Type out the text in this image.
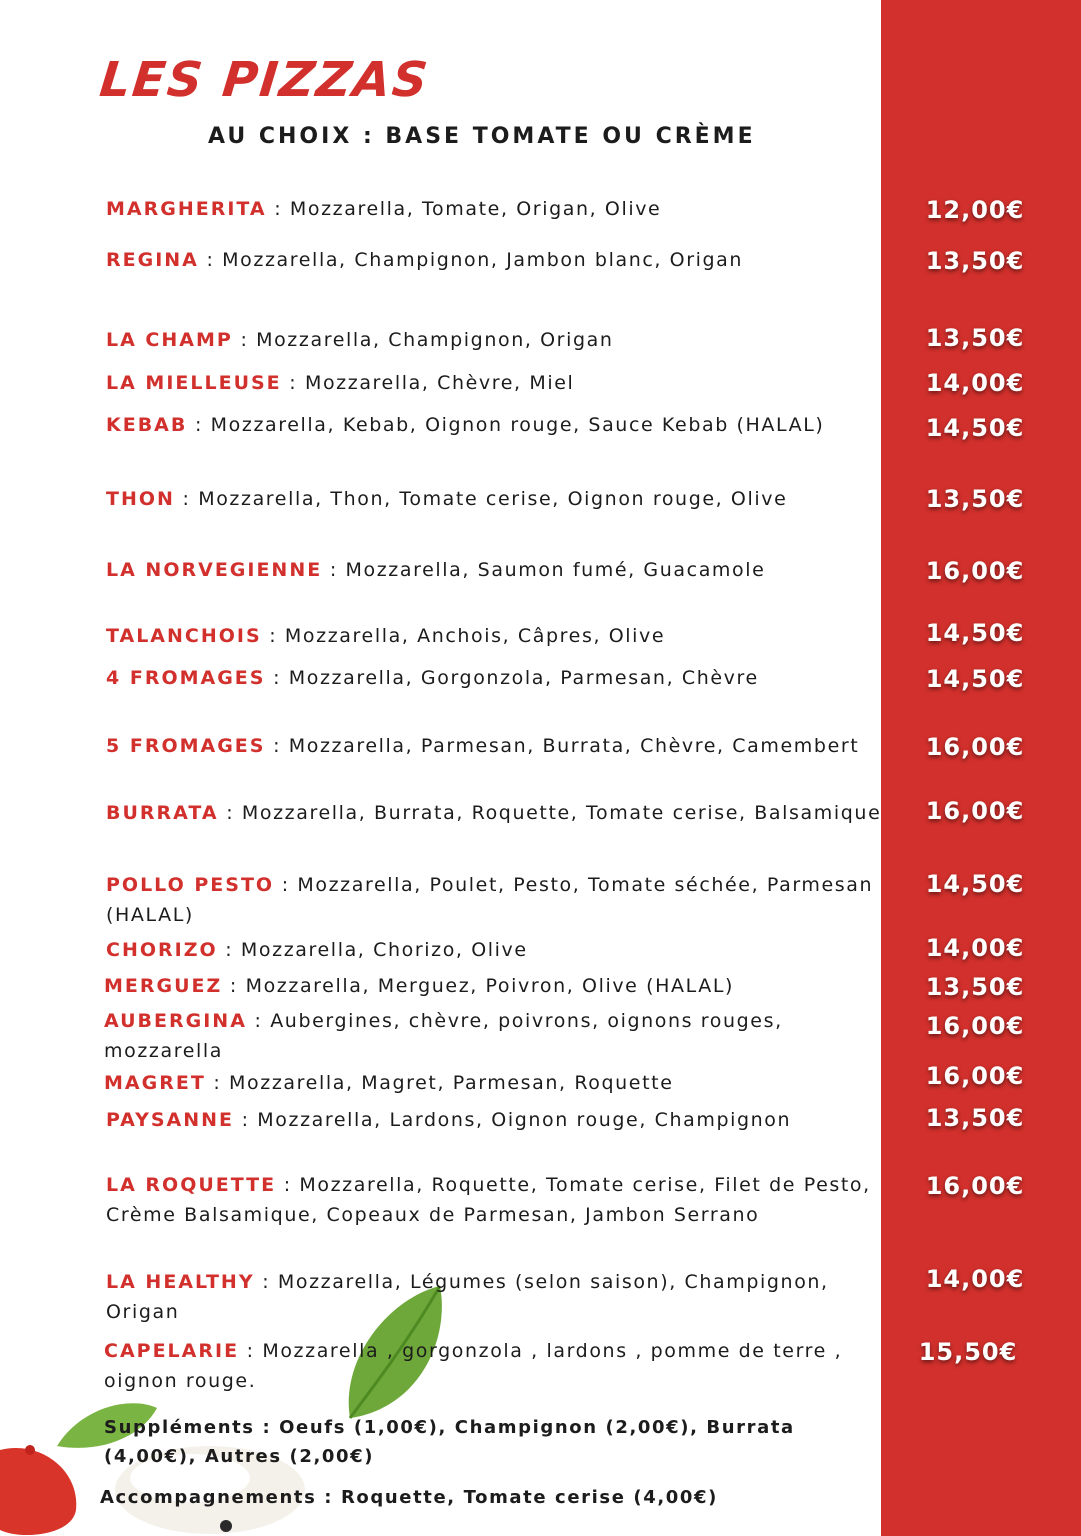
LES PIZZAS
AU CHOIX : BASE TOMATE OU CRÈME
MARGHERITA : Mozzarella, Tomate, Origan, Olive	12,00€
REGINA : Mozzarella, Champignon, Jambon blanc, Origan	13,50€
LA CHAMP : Mozzarella, Champignon, Origan	13,50€
LA MIELLEUSE : Mozzarella, Chèvre, Miel	14,00€
KEBAB : Mozzarella, Kebab, Oignon rouge, Sauce Kebab (HALAL)	14,50€
THON : Mozzarella, Thon, Tomate cerise, Oignon rouge, Olive	13,50€
LA NORVEGIENNE : Mozzarella, Saumon fumé, Guacamole	16,00€
TALANCHOIS : Mozzarella, Anchois, Câpres, Olive	14,50€
4 FROMAGES : Mozzarella, Gorgonzola, Parmesan, Chèvre	14,50€
5 FROMAGES : Mozzarella, Parmesan, Burrata, Chèvre, Camembert	16,00€
BURRATA : Mozzarella, Burrata, Roquette, Tomate cerise, Balsamique	16,00€
POLLO PESTO : Mozzarella, Poulet, Pesto, Tomate séchée, Parmesan (HALAL)
14,50€
CHORIZO : Mozzarella, Chorizo, Olive	14,00€
MERGUEZ : Mozzarella, Merguez, Poivron, Olive (HALAL)	13,50€
AUBERGINA : Aubergines, chèvre, poivrons, oignons rouges, mozzarella
16,00€
MAGRET : Mozzarella, Magret, Parmesan, Roquette	16,00€
PAYSANNE : Mozzarella, Lardons, Oignon rouge, Champignon	13,50€
LA ROQUETTE : Mozzarella, Roquette, Tomate cerise, Filet de Pesto, Crème Balsamique, Copeaux de Parmesan, Jambon Serrano
16,00€
LA HEALTHY : Mozzarella, Légumes (selon saison), Champignon, Origan
14,00€
CAPELARIE : Mozzarella , gorgonzola , lardons , pomme de terre , oignon rouge.
15,50€
Suppléments : Oeufs (1,00€), Champignon (2,00€), Burrata (4,00€), Autres (2,00€)
Accompagnements : Roquette, Tomate cerise (4,00€)
